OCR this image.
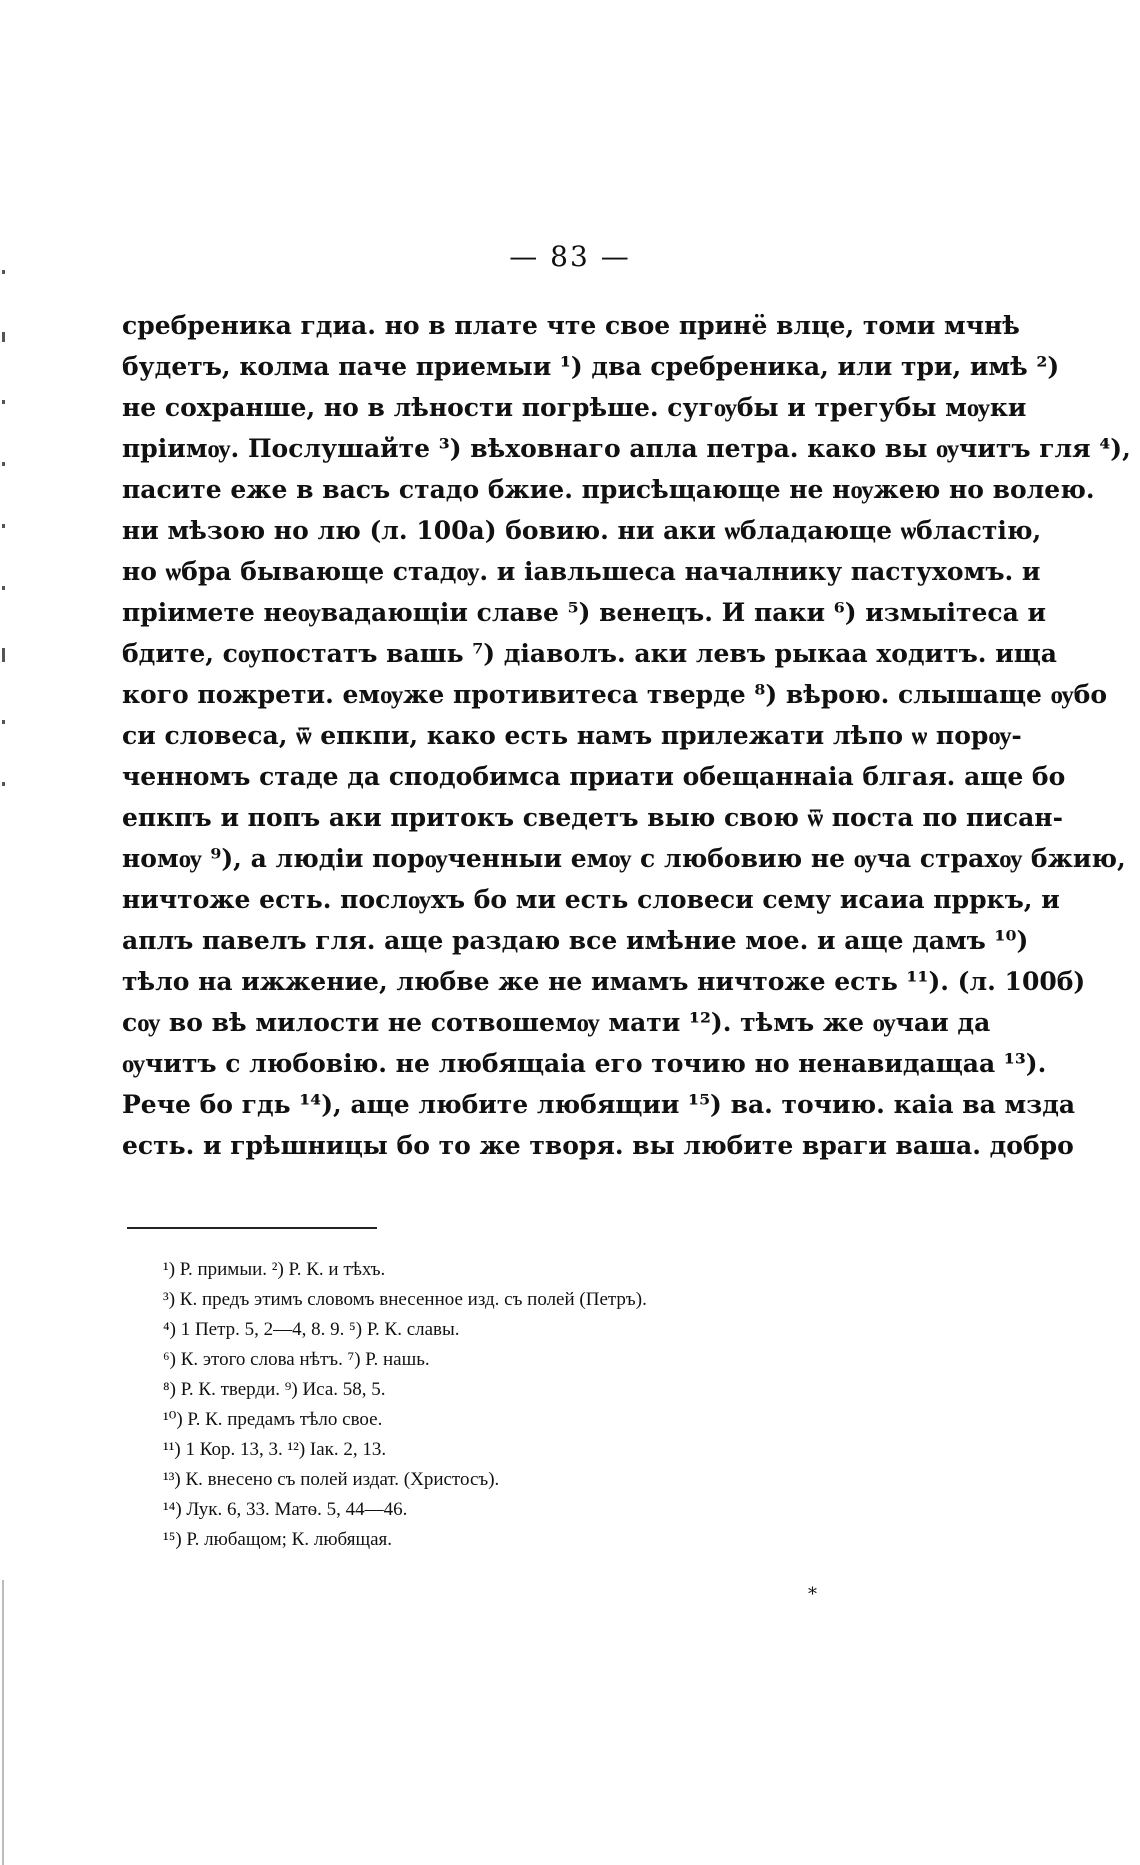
— 83 —
сребреника гдиа. но в плате чте свое принё влце, томи мчнѣ
будетъ, колма паче приемыи ¹) два сребреника, или три, имѣ ²)
не сохранше, но в лѣности погрѣше. сугѹбы и трегубы мѹки
прiимѹ. Послушайте ³) вѣховнаго апла петра. како вы ѹчитъ гля ⁴),
пасите еже в васъ стадо бжие. присѣщающе не нѹжею но волею.
ни мѣзою но лю (л. 100а) бовию. ни аки ѡбладающе ѡбластiю,
но ѡбра бывающе стадѹ. и iавльшеса началнику пастухомъ. и
прiимете неѹвадающiи славе ⁵) венецъ. И паки ⁶) измыiтеса и
бдите, сѹпостатъ вашь ⁷) дiаволъ. аки левъ рыкаа ходитъ. ища
кого пожрети. емѹже противитеса тверде ⁸) вѣрою. слышаще ѹбо
си словеса, ѿ епкпи, како есть намъ прилежати лѣпо ѡ порѹ-
ченномъ стаде да сподобимса приати обещаннаiа блгая. аще бо
епкпъ и попъ аки притокъ сведетъ выю свою ѿ поста по писан-
номѹ ⁹), а людiи порѹченныи емѹ с любовию не ѹча страхѹ бжию,
ничтоже есть. послѹхъ бо ми есть словеси сему исаиа прркъ, и
аплъ павелъ гля. аще раздаю все имѣние мое. и аще дамъ ¹⁰)
тѣло на ижжение, любве же не имамъ ничтоже есть ¹¹). (л. 100б)
сѹ во вѣ милости не сотвошемѹ мати ¹²). тѣмъ же ѹчаи да
ѹчитъ с любовiю. не любящаiа его точию но ненавидащаа ¹³).
Рече бо гдь ¹⁴), аще любите любящии ¹⁵) ва. точию. каiа ва мзда
есть. и грѣшницы бо то же творя. вы любите враги ваша. добро
¹) Р. примыи. ²) Р. К. и тѣхъ.
³) К. предъ этимъ словомъ внесенное изд. съ полей (Петръ).
⁴) 1 Петр. 5, 2—4, 8. 9. ⁵) Р. К. славы.
⁶) К. этого слова нѣтъ. ⁷) Р. нашь.
⁸) Р. К. тверди. ⁹) Иса. 58, 5.
¹⁰) Р. К. предамъ тѣло свое.
¹¹) 1 Кор. 13, 3. ¹²) Iак. 2, 13.
¹³) К. внесено съ полей издат. (Христосъ).
¹⁴) Лук. 6, 33. Матѳ. 5, 44—46.
¹⁵) Р. любащом; К. любящая.
*
